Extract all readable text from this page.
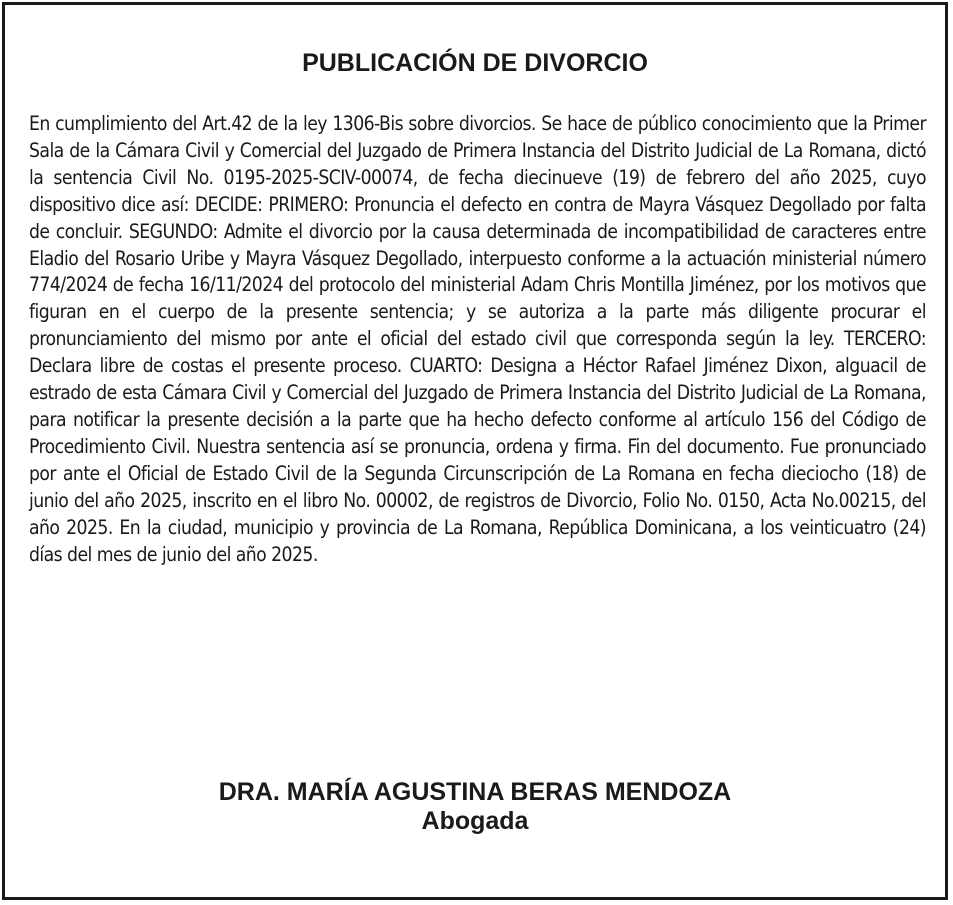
PUBLICACIÓN DE DIVORCIO

En cumplimiento del Art.42 de la ley 1306-Bis sobre divorcios. Se hace de público conocimiento que la Primer Sala de la Cámara Civil y Comercial del Juzgado de Primera Instancia del Distrito Judicial de La Romana, dictó la sentencia Civil No. 0195-2025-SCIV-00074, de fecha diecinueve (19) de febrero del año 2025, cuyo dispositivo dice así: DECIDE: PRIMERO: Pronuncia el defecto en contra de Mayra Vásquez Degollado por falta de concluir. SEGUNDO: Admite el divorcio por la causa determinada de incompatibilidad de caracteres entre Eladio del Rosario Uribe y Mayra Vásquez Degollado, interpuesto conforme a la actuación ministerial número 774/2024 de fecha 16/11/2024 del protocolo del ministerial Adam Chris Montilla Jiménez, por los motivos que figuran en el cuerpo de la presente sentencia; y se autoriza a la parte más diligente procurar el pronunciamiento del mismo por ante el oficial del estado civil que corresponda según la ley. TERCERO: Declara libre de costas el presente proceso. CUARTO: Designa a Héctor Rafael Jiménez Dixon, alguacil de estrado de esta Cámara Civil y Comercial del Juzgado de Primera Instancia del Distrito Judicial de La Romana, para notificar la presente decisión a la parte que ha hecho defecto conforme al artículo 156 del Código de Procedimiento Civil. Nuestra sentencia así se pronuncia, ordena y firma. Fin del documento. Fue pronunciado por ante el Oficial de Estado Civil de la Segunda Circunscripción de La Romana en fecha dieciocho (18) de junio del año 2025, inscrito en el libro No. 00002, de registros de Divorcio, Folio No. 0150, Acta No.00215, del año 2025. En la ciudad, municipio y provincia de La Romana, República Dominicana, a los veinticuatro (24) días del mes de junio del año 2025.

DRA. MARÍA AGUSTINA BERAS MENDOZA
Abogada
